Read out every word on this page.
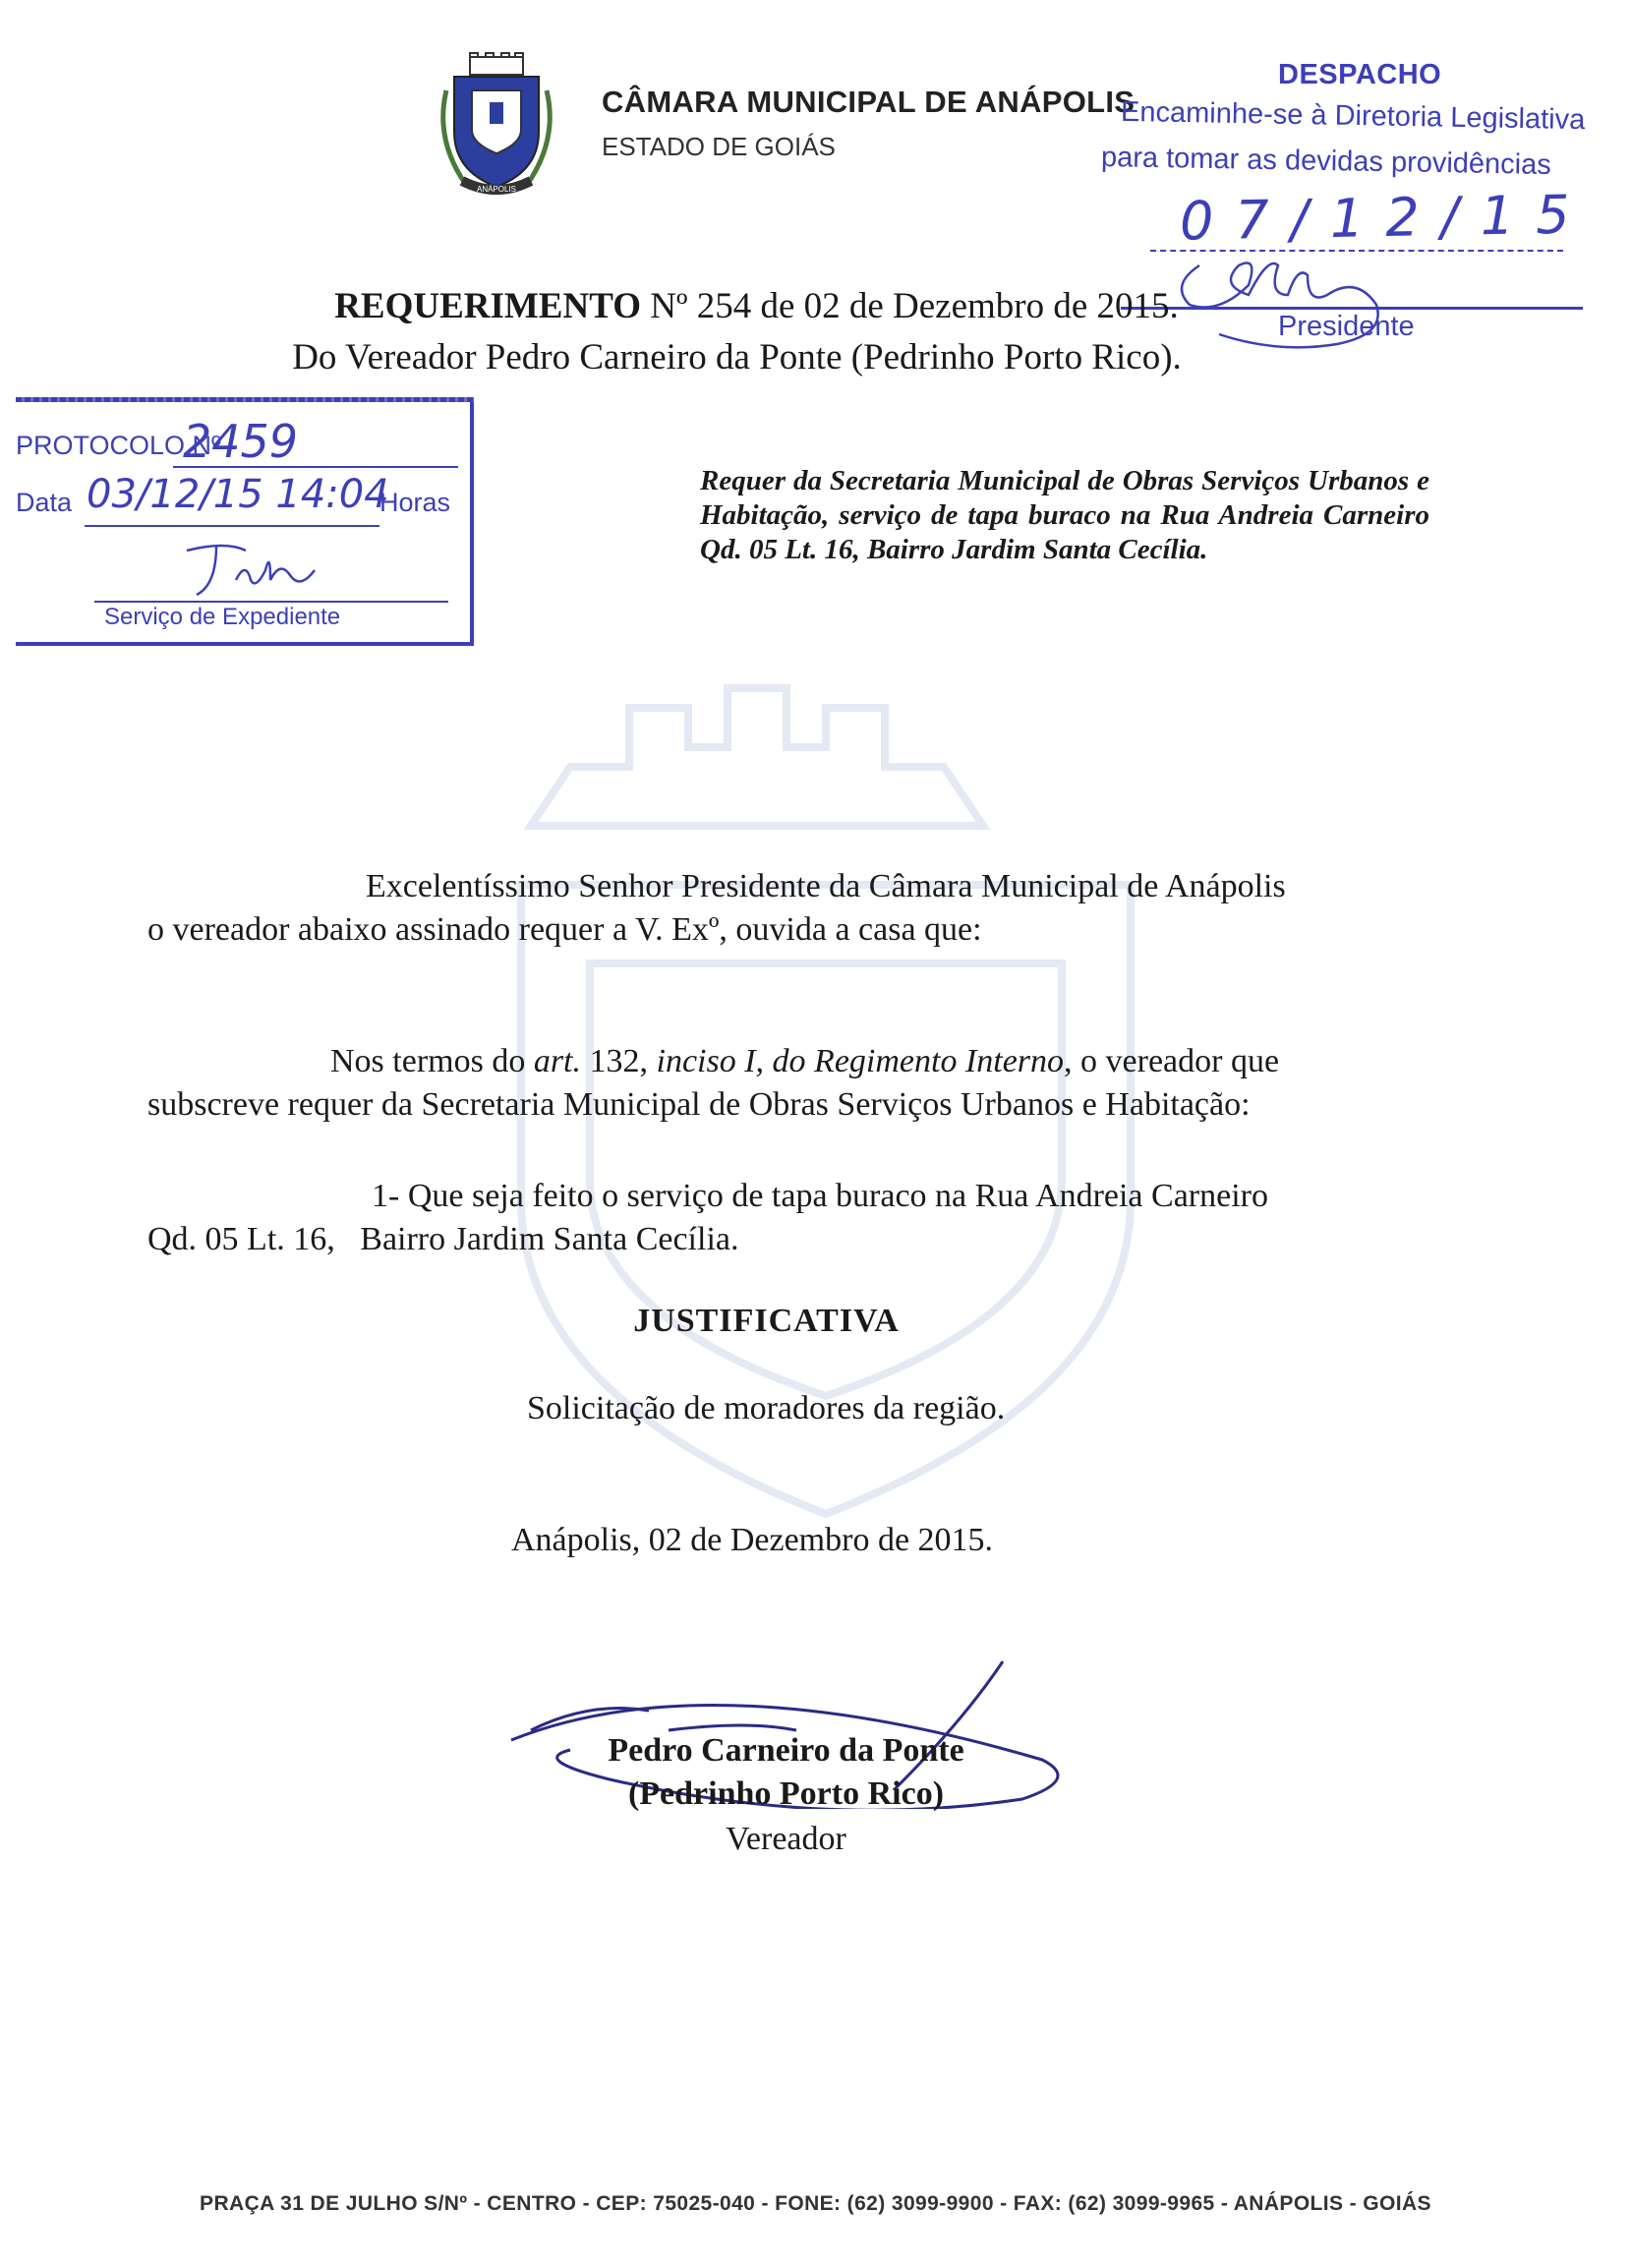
ANÁPOLIS
CÂMARA MUNICIPAL DE ANÁPOLIS
ESTADO DE GOIÁS
DESPACHO
Encaminhe-se à Diretoria Legislativa
para tomar as devidas providências
07/12/15
Presidente
REQUERIMENTO Nº 254 de 02 de Dezembro de 2015.
Do Vereador Pedro Carneiro da Ponte (Pedrinho Porto Rico).
PROTOCOLO Nº
2459
Data 03/12/15 14:04
Horas
Serviço de Expediente
Requer da Secretaria Municipal de Obras Serviços Urbanos e Habitação, serviço de tapa buraco na Rua Andreia Carneiro Qd. 05 Lt. 16, Bairro Jardim Santa Cecília.
Excelentíssimo Senhor Presidente da Câmara Municipal de Anápolis
o vereador abaixo assinado requer a V. Exº, ouvida a casa que:
Nos termos do art. 132, inciso I, do Regimento Interno, o vereador que
subscreve requer da Secretaria Municipal de Obras Serviços Urbanos e Habitação:
1- Que seja feito o serviço de tapa buraco na Rua Andreia Carneiro
Qd. 05 Lt. 16,   Bairro Jardim Santa Cecília.
JUSTIFICATIVA
Solicitação de moradores da região.
Anápolis, 02 de Dezembro de 2015.
Pedro Carneiro da Ponte
(Pedrinho Porto Rico)
Vereador
PRAÇA 31 DE JULHO S/Nº - CENTRO - CEP: 75025-040 - FONE: (62) 3099-9900 - FAX: (62) 3099-9965 - ANÁPOLIS - GOIÁS
